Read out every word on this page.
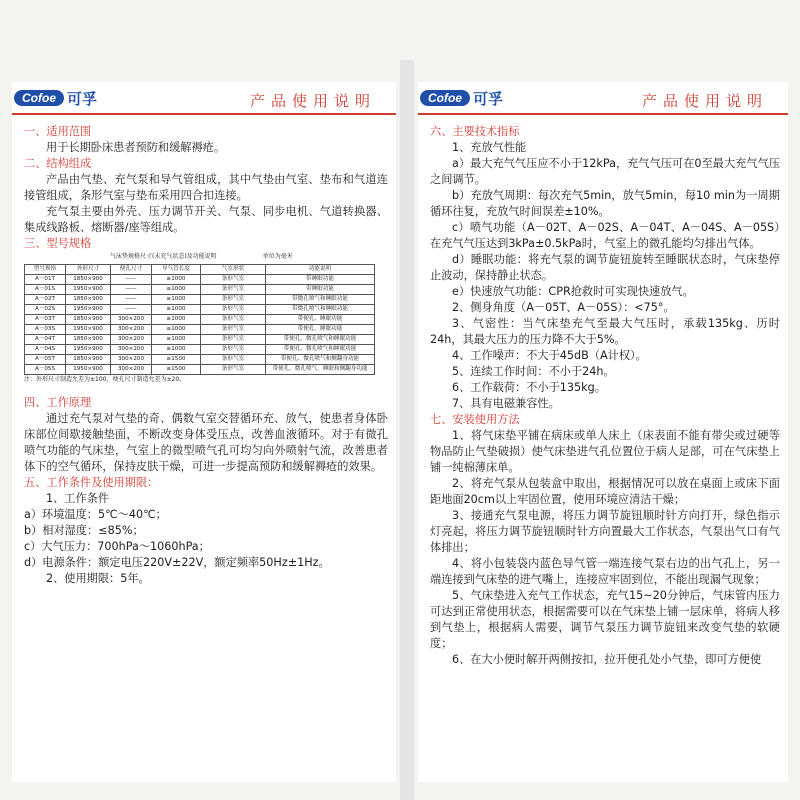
Cofoe 可孚	产品使用说明

一、适用范围

用于长期卧床患者预防和缓解褥疮。

二、结构组成

产品由气垫、充气泵和导气管组成，其中气垫由气室、垫布和气道连接管组成，条形气室与垫布采用四合扣连接。

充气泵主要由外壳、压力调节开关、气泵、同步电机、气道转换器、集成线路板、熔断器/座等组成。

三、型号规格

气床垫规格尺寸(未充气状态)及功能说明	单位为毫米
型号规格	外形尺寸	便孔尺寸	导气管长度	气室形状	功能说明
A－01T	1850×900	——	≥1000	条形气室	带睡眠功能
A－01S	1950×900	——	≥1000	条形气室	带睡眠功能
A－02T	1850×900	——	≥1000	条形气室	带微孔喷气和睡眠功能
A－02S	1950×900	——	≥1000	条形气室	带微孔喷气和睡眠功能
A－03T	1850×900	300×200	≥1000	条形气室	带便孔、睡眠功能
A－03S	1950×900	300×200	≥1000	条形气室	带便孔、睡眠功能
A－04T	1850×900	300×200	≥1000	条形气室	带便孔、微孔喷气和睡眠功能
A－04S	1950×900	300×200	≥1000	条形气室	带便孔、微孔喷气和睡眠功能
A－05T	1850×900	300×200	≥1500	条形气室	带便孔、微孔喷气和侧翻身功能
A－05S	1950×900	300×200	≥1500	条形气室	带便孔、微孔喷气、睡眠和侧翻身功能
注：外形尺寸制造允差为±100，便孔尺寸制造允差为±20。

四、工作原理

通过充气泵对气垫的奇、偶数气室交替循环充、放气，使患者身体卧床部位间歇接触垫面，不断改变身体受压点，改善血液循环。对于有微孔喷气功能的气床垫，气室上的微型喷气孔可均匀向外喷射气流，改善患者体下的空气循环，保持皮肤干燥，可进一步提高预防和缓解褥疮的效果。

五、工作条件及使用期限：

1、工作条件

a）环境温度：5℃～40℃；

b）相对湿度：≤85%；

c）大气压力：700hPa～1060hPa；

d）电源条件：额定电压220V±22V，额定频率50Hz±1Hz。

2、使用期限：5年。

Cofoe 可孚	产品使用说明

六、主要技术指标

1、充放气性能

a）最大充气气压应不小于12kPa，充气气压可在0至最大充气气压之间调节。

b）充放气周期：每次充气5min，放气5min，每10 min为一周期循环往复，充放气时间误差±10%。

c）喷气功能（A－02T、A－02S、A－04T、A－04S、A－05S）在充气气压达到3kPa±0.5kPa时，气室上的微孔能均匀排出气体。

d）睡眠功能：将充气泵的调节旋钮旋转至睡眠状态时，气床垫停止波动，保持静止状态。

e）快速放气功能：CPR抢救时可实现快速放气。

2、侧身角度（A－05T、A－05S）：<75°。

3、气密性：当气床垫充气至最大气压时，承载135kg、历时24h，其最大压力的压力降不大于5%。

4、工作噪声：不大于45dB（A计权）。

5、连续工作时间：不小于24h。

6、工作载荷：不小于135kg。

7、具有电磁兼容性。

七、安装使用方法

1、将气床垫平铺在病床或单人床上（床表面不能有带尖或过硬等物品防止气垫破损）使气床垫进气孔位置位于病人足部，可在气床垫上铺一纯棉薄床单。

2、将充气泵从包装盒中取出，根据情况可以放在桌面上或床下面距地面20cm以上牢固位置，使用环境应清洁干燥；

3、接通充气泵电源，将压力调节旋钮顺时针方向打开，绿色指示灯亮起，将压力调节旋钮顺时针方向置最大工作状态，气泵出气口有气体排出；

4、将小包装袋内蓝色导气管一端连接气泵右边的出气孔上，另一端连接到气床垫的进气嘴上，连接应牢固到位，不能出现漏气现象；

5、气床垫进入充气工作状态，充气15~20分钟后，气床管内压力可达到正常使用状态，根据需要可以在气床垫上铺一层床单，将病人移到气垫上，根据病人需要，调节气泵压力调节旋钮来改变气垫的软硬度；

6、在大小便时解开两侧按扣，拉开便孔处小气垫，即可方便使
